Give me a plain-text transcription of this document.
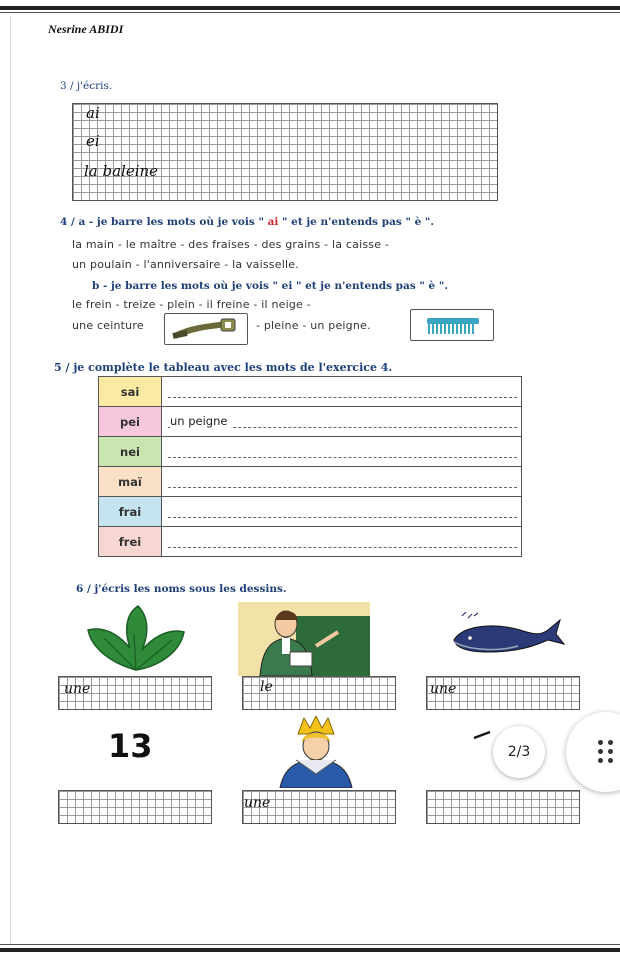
Nesrine ABIDI
3 / j'écris.
ai
ei
la baleine
4 / a - je barre les mots où je vois " ai " et je n'entends pas " è ".
la main - le maître - des fraises - des grains - la caisse -
un poulain - l'anniversaire - la vaisselle.
b - je barre les mots où je vois " ei " et je n'entends pas " è ".
le frein - treize - plein - il freine - il neige -
une ceinture	- pleine - un peigne.
5 / je complète le tableau avec les mots de l'exercice 4.
sai	

pei	un peigne

nei	

maï	

frai	

frei	
6 / j'écris les noms sous les dessins.
une	le	une
13
une
2/3
